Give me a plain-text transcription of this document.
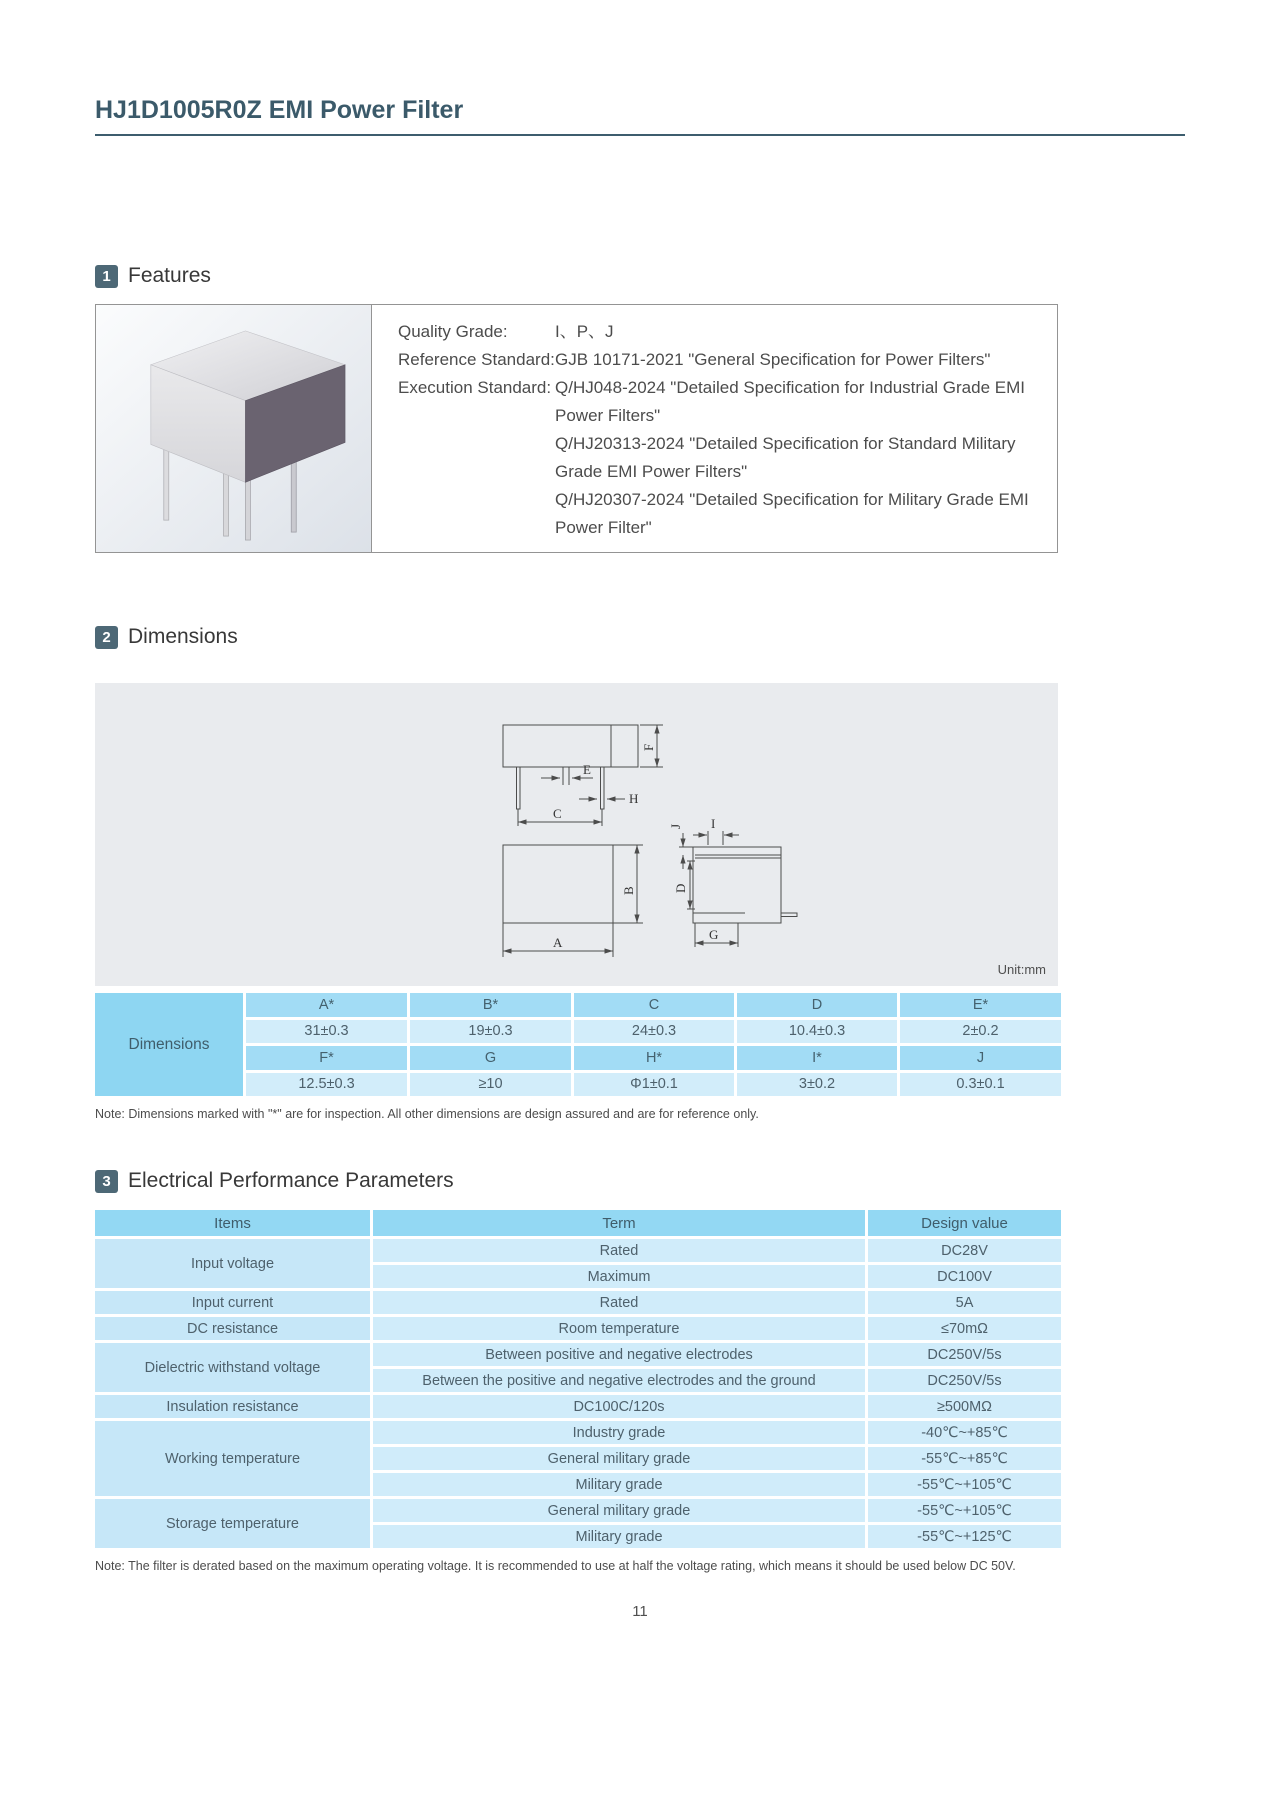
HJ1D1005R0Z EMI Power Filter
1 Features
Quality Grade:	I、P、J
Reference Standard: GJB 10171-2021 "General Specification for Power Filters"
Execution Standard: Q/HJ048-2024 "Detailed Specification for Industrial Grade EMI Power Filters"
Q/HJ20313-2024 "Detailed Specification for Standard Military Grade EMI Power Filters"
Q/HJ20307-2024 "Detailed Specification for Military Grade EMI Power Filter"
2 Dimensions
E
H
C
F
A
B
J I
D
G
Unit:mm
Dimensions	A*	B*	C	D	E*
	31±0.3	19±0.3	24±0.3	10.4±0.3	2±0.2
	F*	G	H*	I*	J
	12.5±0.3	≥10	Φ1±0.1	3±0.2	0.3±0.1
Note: Dimensions marked with "*" are for inspection. All other dimensions are design assured and are for reference only.
3 Electrical Performance Parameters
Items	Term	Design value
Input voltage	Rated	DC28V
	Maximum	DC100V
Input current	Rated	5A
DC resistance	Room temperature	≤70mΩ
Dielectric withstand voltage	Between positive and negative electrodes	DC250V/5s
	Between the positive and negative electrodes and the ground	DC250V/5s
Insulation resistance	DC100C/120s	≥500MΩ
Working temperature	Industry grade	-40℃~+85℃
	General military grade	-55℃~+85℃
	Military grade	-55℃~+105℃
Storage temperature	General military grade	-55℃~+105℃
	Military grade	-55℃~+125℃
Note: The filter is derated based on the maximum operating voltage. It is recommended to use at half the voltage rating, which means it should be used below DC 50V.
11
